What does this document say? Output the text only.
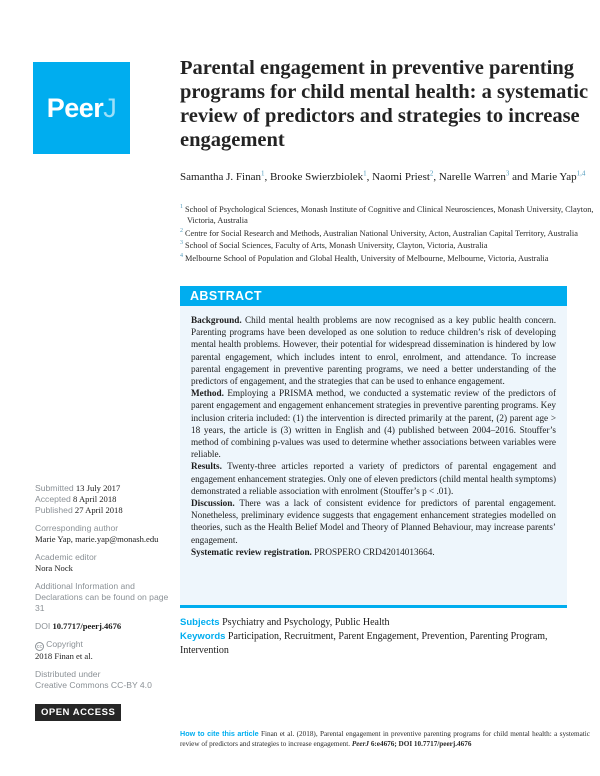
PeerJ
Parental engagement in preventive parenting programs for child mental health: a systematic review of predictors and strategies to increase engagement
Samantha J. Finan$^1$, Brooke Swierzbiolek$^1$, Naomi Priest$^2$, Narelle Warren$^3$ and Marie Yap$^{1,4}$

$^1$ School of Psychological Sciences, Monash Institute of Cognitive and Clinical Neurosciences, Monash University, Clayton, Victoria, Australia

$^2$ Centre for Social Research and Methods, Australian National University, Acton, Australian Capital Territory, Australia

$^3$ School of Social Sciences, Faculty of Arts, Monash University, Clayton, Victoria, Australia

$^4$ Melbourne School of Population and Global Health, University of Melbourne, Melbourne, Victoria, Australia

ABSTRACT

Background. Child mental health problems are now recognised as a key public health concern. Parenting programs have been developed as one solution to reduce children’s risk of developing mental health problems. However, their potential for widespread dissemination is hindered by low parental engagement, which includes intent to enrol, enrolment, and attendance. To increase parental engagement in preventive parenting programs, we need a better understanding of the predictors of engagement, and the strategies that can be used to enhance engagement.

Method. Employing a PRISMA method, we conducted a systematic review of the predictors of parent engagement and engagement enhancement strategies in preventive parenting programs. Key inclusion criteria included: (1) the intervention is directed primarily at the parent, (2) parent age > 18 years, the article is (3) written in English and (4) published between 2004–2016. Stouffer’s method of combining p-values was used to determine whether associations between variables were reliable.

Results. Twenty-three articles reported a variety of predictors of parental engagement and engagement enhancement strategies. Only one of eleven predictors (child mental health symptoms) demonstrated a reliable association with enrolment (Stouffer’s p < .01).

Discussion. There was a lack of consistent evidence for predictors of parental engagement. Nonetheless, preliminary evidence suggests that engagement enhancement strategies modelled on theories, such as the Health Belief Model and Theory of Planned Behaviour, may increase parents’ engagement.

Systematic review registration. PROSPERO CRD42014013664.

Subjects Psychiatry and Psychology, Public Health
Keywords Participation, Recruitment, Parent Engagement, Prevention, Parenting Program, Intervention
Submitted 13 July 2017
Accepted 8 April 2018
Published 27 April 2018
Corresponding author
Marie Yap, marie.yap@monash.edu
Academic editor
Nora Nock
Additional Information and Declarations can be found on page 31
DOI 10.7717/peerj.4676
cc Copyright
2018 Finan et al.
Distributed under
Creative Commons CC-BY 4.0
OPEN ACCESS
How to cite this article Finan et al. (2018), Parental engagement in preventive parenting programs for child mental health: a systematic review of predictors and strategies to increase engagement. PeerJ 6:e4676; DOI 10.7717/peerj.4676
